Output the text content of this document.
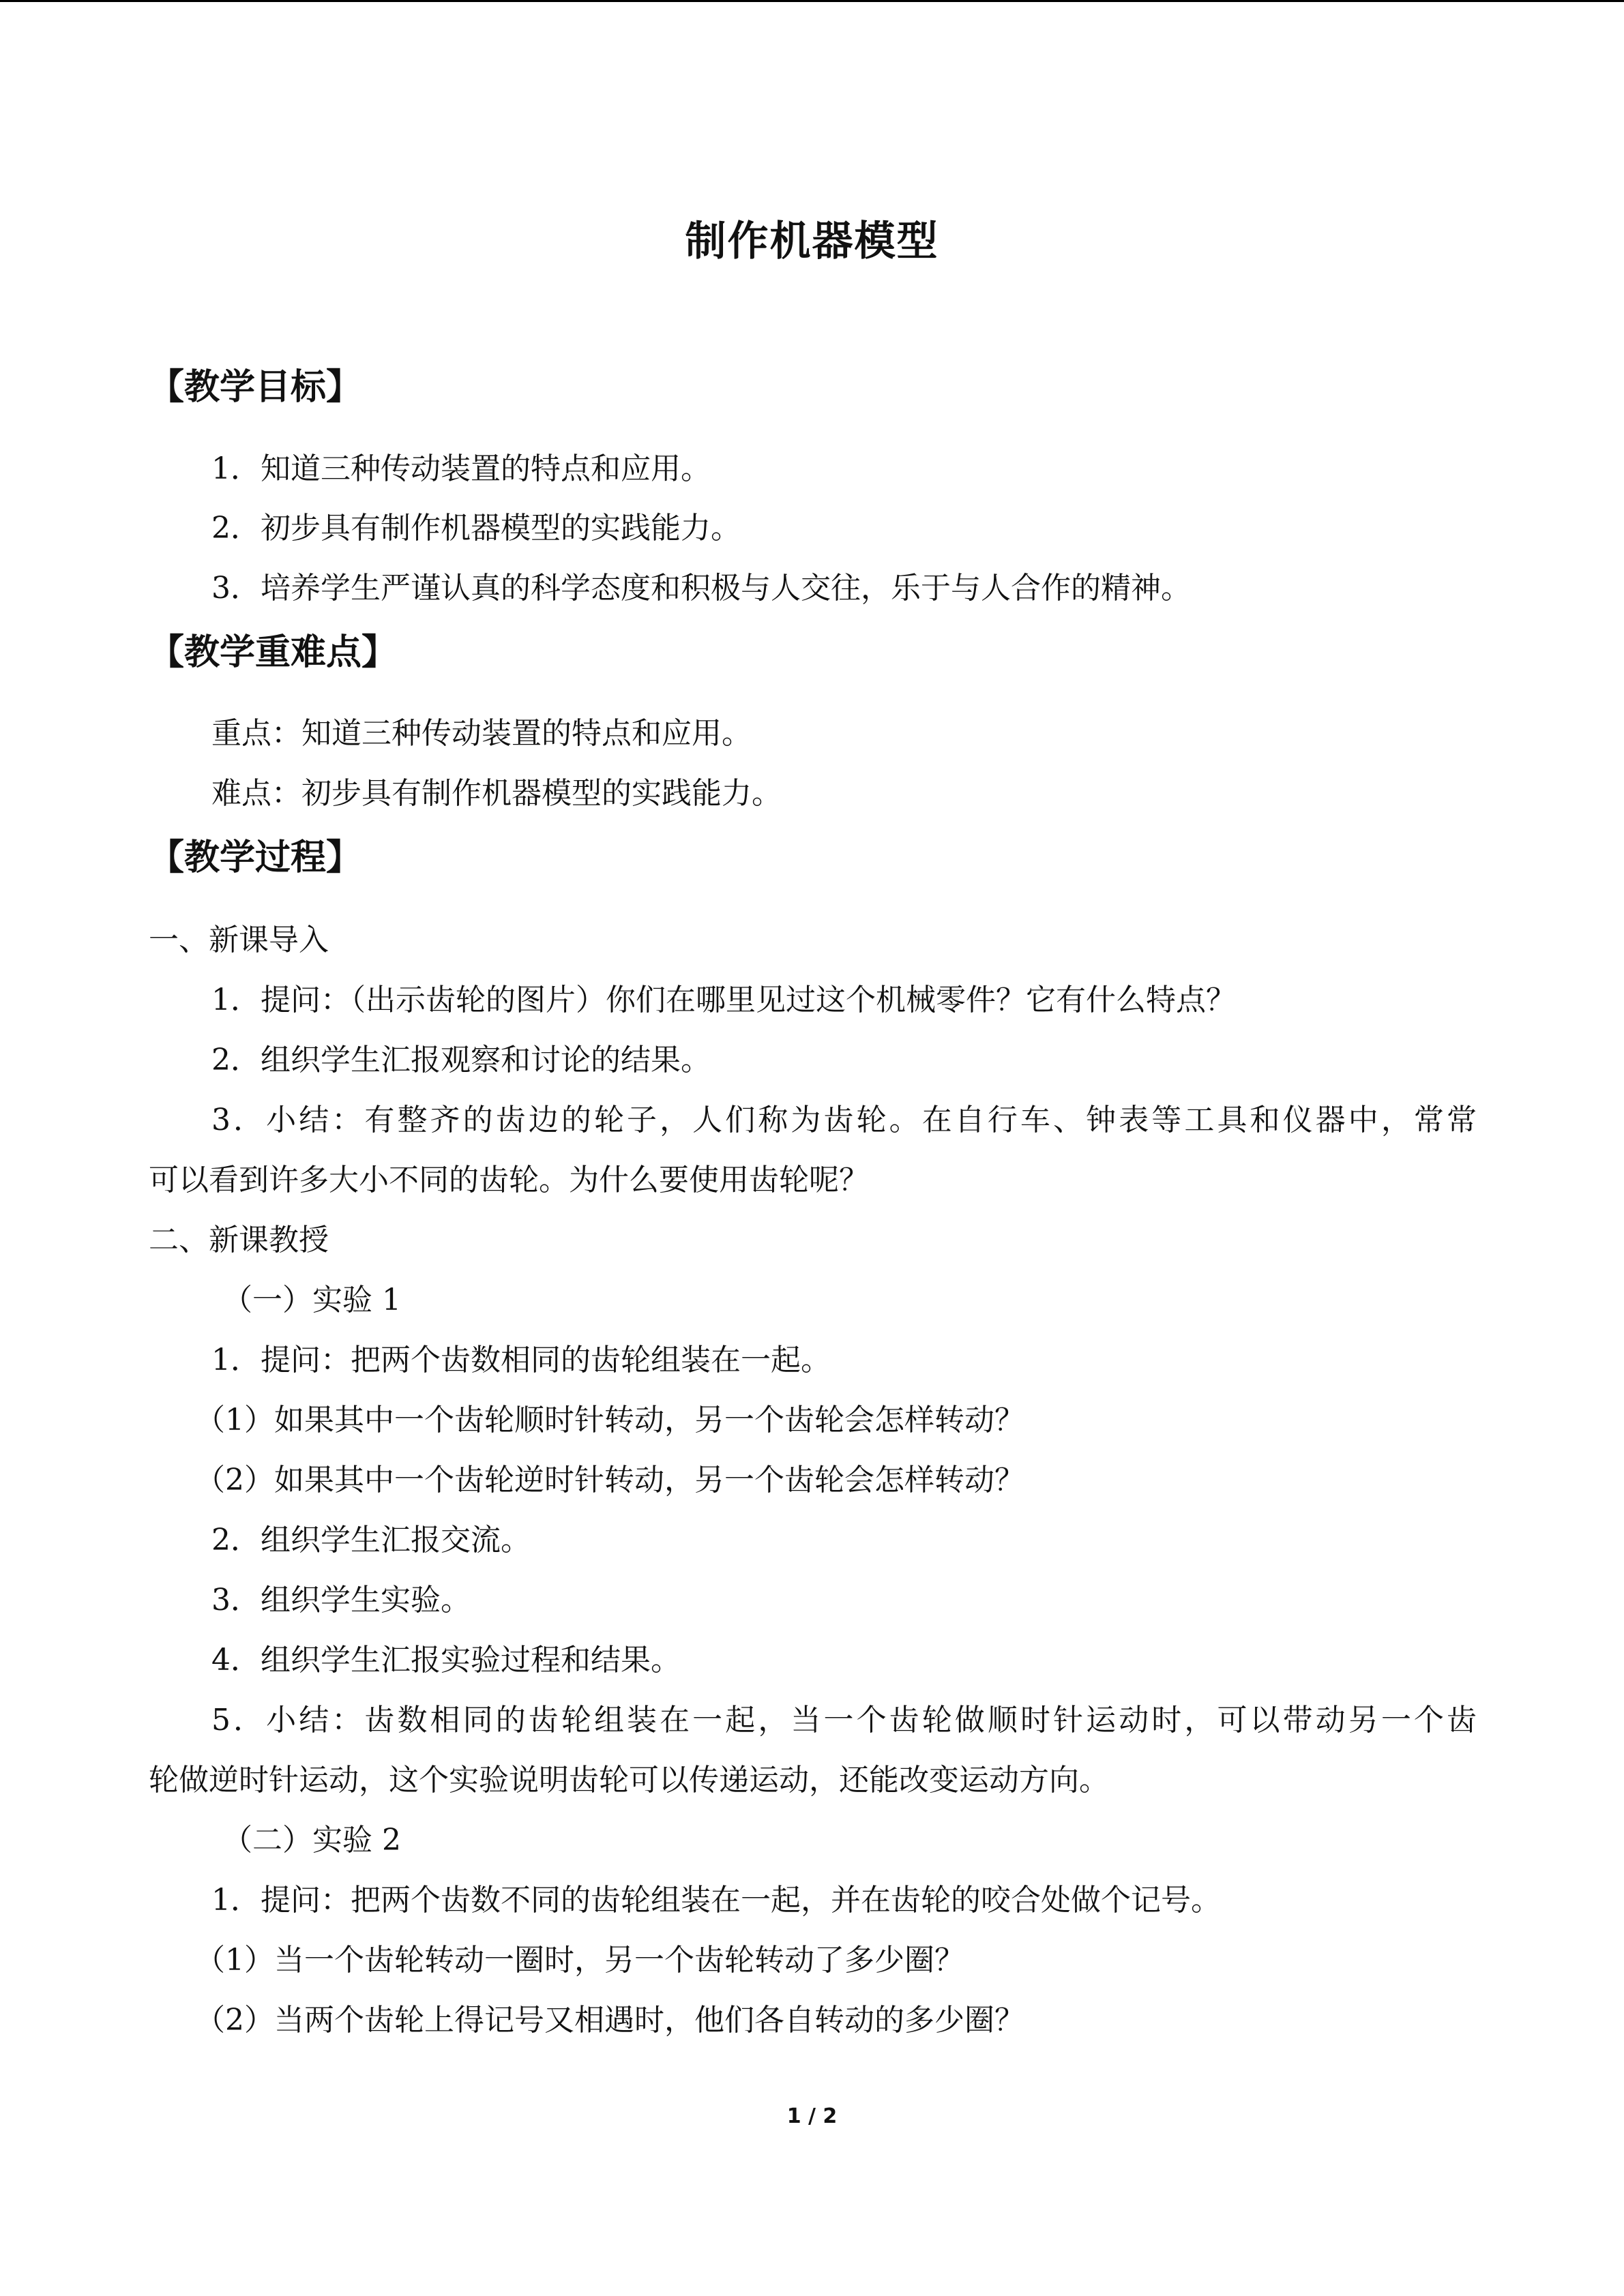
制作机器模型
【教学目标】
1．知道三种传动装置的特点和应用。
2．初步具有制作机器模型的实践能力。
3．培养学生严谨认真的科学态度和积极与人交往，乐于与人合作的精神。
【教学重难点】
重点：知道三种传动装置的特点和应用。
难点：初步具有制作机器模型的实践能力。
【教学过程】
一、新课导入
1．提问：（出示齿轮的图片）你们在哪里见过这个机械零件？它有什么特点？
2．组织学生汇报观察和讨论的结果。
3．小结：有整齐的齿边的轮子，人们称为齿轮。在自行车、钟表等工具和仪器中，常常
可以看到许多大小不同的齿轮。为什么要使用齿轮呢？
二、新课教授
（一）实验 1
1．提问：把两个齿数相同的齿轮组装在一起。
（1）如果其中一个齿轮顺时针转动，另一个齿轮会怎样转动？
（2）如果其中一个齿轮逆时针转动，另一个齿轮会怎样转动？
2．组织学生汇报交流。
3．组织学生实验。
4．组织学生汇报实验过程和结果。
5．小结：齿数相同的齿轮组装在一起，当一个齿轮做顺时针运动时，可以带动另一个齿
轮做逆时针运动，这个实验说明齿轮可以传递运动，还能改变运动方向。
（二）实验 2
1．提问：把两个齿数不同的齿轮组装在一起，并在齿轮的咬合处做个记号。
（1）当一个齿轮转动一圈时，另一个齿轮转动了多少圈？
（2）当两个齿轮上得记号又相遇时，他们各自转动的多少圈？
1 / 2
